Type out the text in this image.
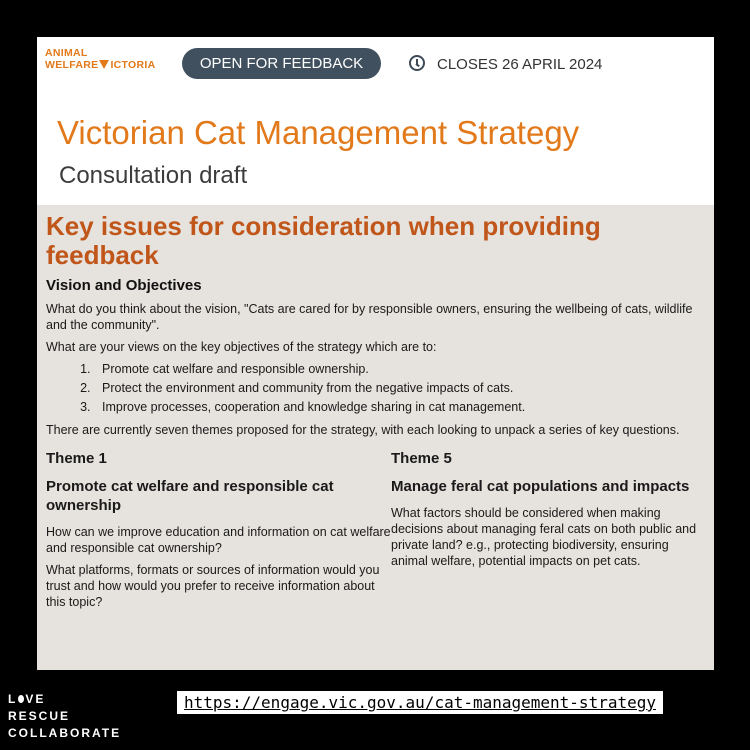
ANIMAL
WELFARE ICTORIA	OPEN FOR FEEDBACK	CLOSES 26 APRIL 2024
Victorian Cat Management Strategy
Consultation draft
Key issues for consideration when providing feedback
Vision and Objectives

What do you think about the vision, "Cats are cared for by responsible owners, ensuring the wellbeing of cats, wildlife and the community".

What are your views on the key objectives of the strategy which are to:

1. Promote cat welfare and responsible ownership.
2. Protect the environment and community from the negative impacts of cats.
3. Improve processes, cooperation and knowledge sharing in cat management.

There are currently seven themes proposed for the strategy, with each looking to unpack a series of key questions.

Theme 1
Promote cat welfare and responsible cat ownership

How can we improve education and information on cat welfare and responsible cat ownership?

What platforms, formats or sources of information would you trust and how would you prefer to receive information about this topic?

Theme 5
Manage feral cat populations and impacts

What factors should be considered when making decisions about managing feral cats on both public and private land? e.g., protecting biodiversity, ensuring animal welfare, potential impacts on pet cats.

L VE
RESCUE
COLLABORATE
https://engage.vic.gov.au/cat-management-strategy
